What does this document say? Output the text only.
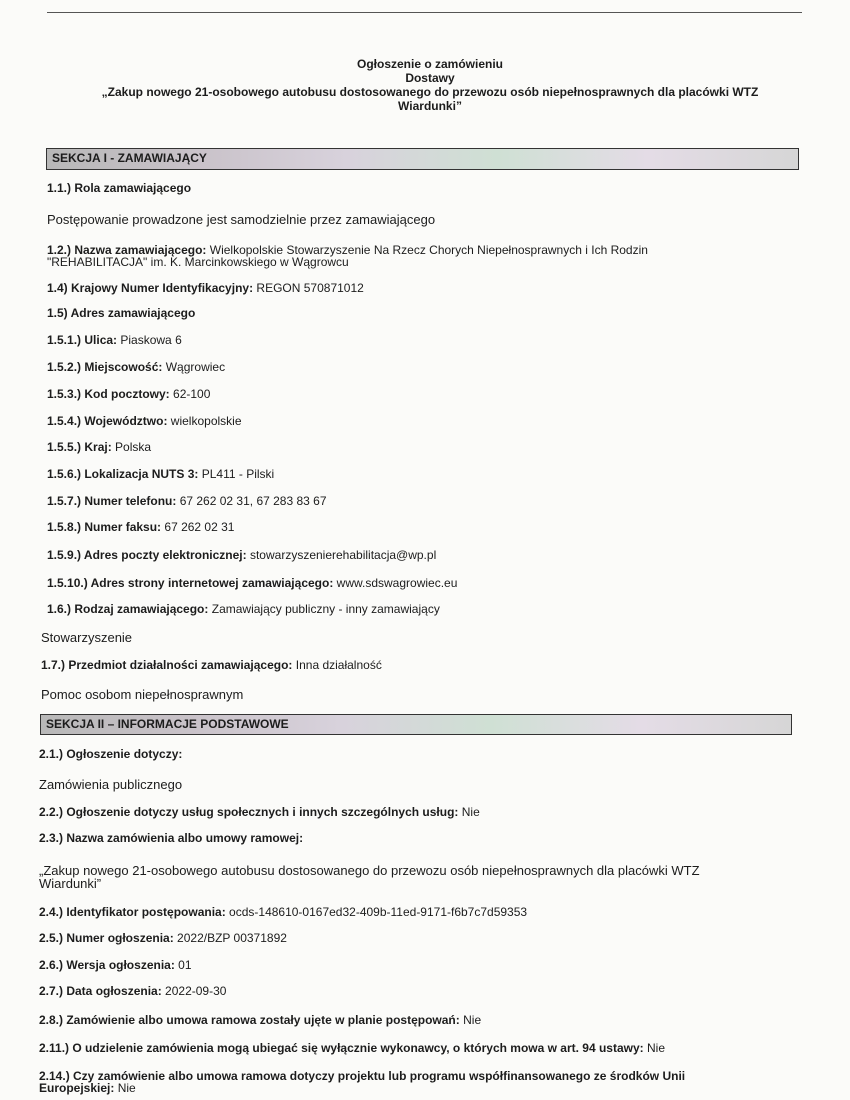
Ogłoszenie o zamówieniu
Dostawy
„Zakup nowego 21-osobowego autobusu dostosowanego do przewozu osób niepełnosprawnych dla placówki WTZ
Wiardunki”
SEKCJA I - ZAMAWIAJĄCY
1.1.) Rola zamawiającego
Postępowanie prowadzone jest samodzielnie przez zamawiającego
1.2.) Nazwa zamawiającego: Wielkopolskie Stowarzyszenie Na Rzecz Chorych Niepełnosprawnych i Ich Rodzin
"REHABILITACJA" im. K. Marcinkowskiego w Wągrowcu
1.4) Krajowy Numer Identyfikacyjny: REGON 570871012
1.5) Adres zamawiającego
1.5.1.) Ulica: Piaskowa 6
1.5.2.) Miejscowość: Wągrowiec
1.5.3.) Kod pocztowy: 62-100
1.5.4.) Województwo: wielkopolskie
1.5.5.) Kraj: Polska
1.5.6.) Lokalizacja NUTS 3: PL411 - Pilski
1.5.7.) Numer telefonu: 67 262 02 31, 67 283 83 67
1.5.8.) Numer faksu: 67 262 02 31
1.5.9.) Adres poczty elektronicznej: stowarzyszenierehabilitacja@wp.pl
1.5.10.) Adres strony internetowej zamawiającego: www.sdswagrowiec.eu
1.6.) Rodzaj zamawiającego: Zamawiający publiczny - inny zamawiający
Stowarzyszenie
1.7.) Przedmiot działalności zamawiającego: Inna działalność
Pomoc osobom niepełnosprawnym
SEKCJA II – INFORMACJE PODSTAWOWE
2.1.) Ogłoszenie dotyczy:
Zamówienia publicznego
2.2.) Ogłoszenie dotyczy usług społecznych i innych szczególnych usług: Nie
2.3.) Nazwa zamówienia albo umowy ramowej:
„Zakup nowego 21-osobowego autobusu dostosowanego do przewozu osób niepełnosprawnych dla placówki WTZ
Wiardunki”
2.4.) Identyfikator postępowania: ocds-148610-0167ed32-409b-11ed-9171-f6b7c7d59353
2.5.) Numer ogłoszenia: 2022/BZP 00371892
2.6.) Wersja ogłoszenia: 01
2.7.) Data ogłoszenia: 2022-09-30
2.8.) Zamówienie albo umowa ramowa zostały ujęte w planie postępowań: Nie
2.11.) O udzielenie zamówienia mogą ubiegać się wyłącznie wykonawcy, o których mowa w art. 94 ustawy: Nie
2.14.) Czy zamówienie albo umowa ramowa dotyczy projektu lub programu współfinansowanego ze środków Unii
Europejskiej: Nie
